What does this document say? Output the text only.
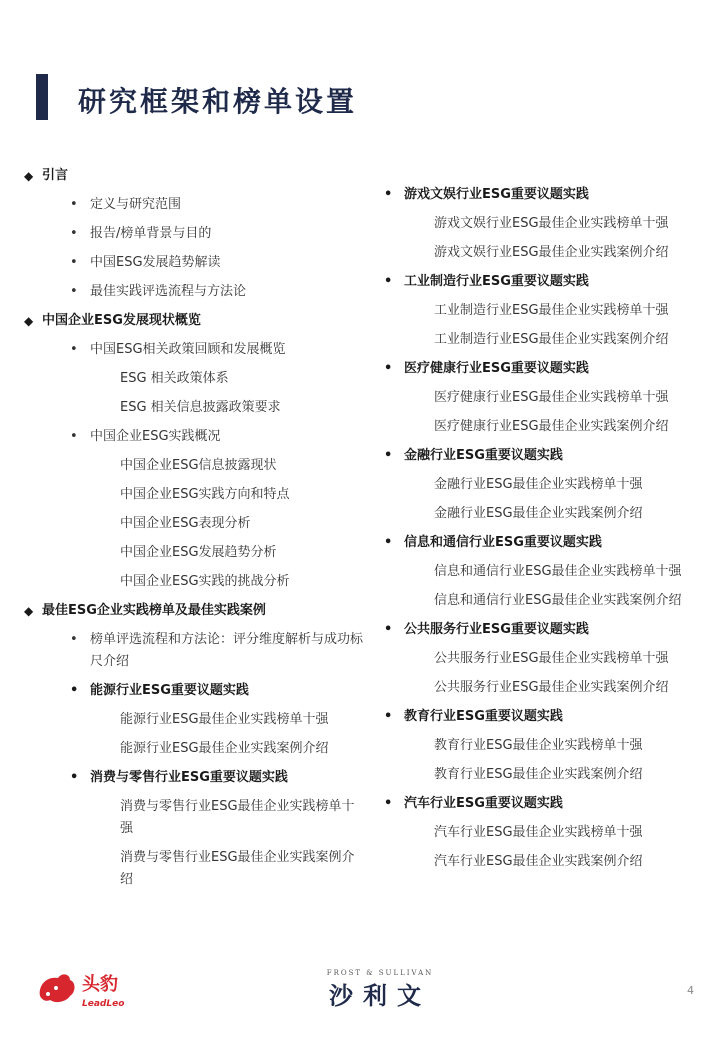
研究框架和榜单设置
◆ 引言
• 定义与研究范围
• 报告/榜单背景与目的
• 中国ESG发展趋势解读
• 最佳实践评选流程与方法论
◆ 中国企业ESG发展现状概览
• 中国ESG相关政策回顾和发展概览
ESG 相关政策体系
ESG 相关信息披露政策要求
• 中国企业ESG实践概况
中国企业ESG信息披露现状
中国企业ESG实践方向和特点
中国企业ESG表现分析
中国企业ESG发展趋势分析
中国企业ESG实践的挑战分析
◆ 最佳ESG企业实践榜单及最佳实践案例
• 榜单评选流程和方法论：评分维度解析与成功标尺介绍
• 能源行业ESG重要议题实践
能源行业ESG最佳企业实践榜单十强
能源行业ESG最佳企业实践案例介绍
• 消费与零售行业ESG重要议题实践
消费与零售行业ESG最佳企业实践榜单十强
消费与零售行业ESG最佳企业实践案例介绍
• 游戏文娱行业ESG重要议题实践
游戏文娱行业ESG最佳企业实践榜单十强
游戏文娱行业ESG最佳企业实践案例介绍
• 工业制造行业ESG重要议题实践
工业制造行业ESG最佳企业实践榜单十强
工业制造行业ESG最佳企业实践案例介绍
• 医疗健康行业ESG重要议题实践
医疗健康行业ESG最佳企业实践榜单十强
医疗健康行业ESG最佳企业实践案例介绍
• 金融行业ESG重要议题实践
金融行业ESG最佳企业实践榜单十强
金融行业ESG最佳企业实践案例介绍
• 信息和通信行业ESG重要议题实践
信息和通信行业ESG最佳企业实践榜单十强
信息和通信行业ESG最佳企业实践案例介绍
• 公共服务行业ESG重要议题实践
公共服务行业ESG最佳企业实践榜单十强
公共服务行业ESG最佳企业实践案例介绍
• 教育行业ESG重要议题实践
教育行业ESG最佳企业实践榜单十强
教育行业ESG最佳企业实践案例介绍
• 汽车行业ESG重要议题实践
汽车行业ESG最佳企业实践榜单十强
汽车行业ESG最佳企业实践案例介绍
头豹
LeadLeo
FROST & SULLIVAN
沙利文	4
